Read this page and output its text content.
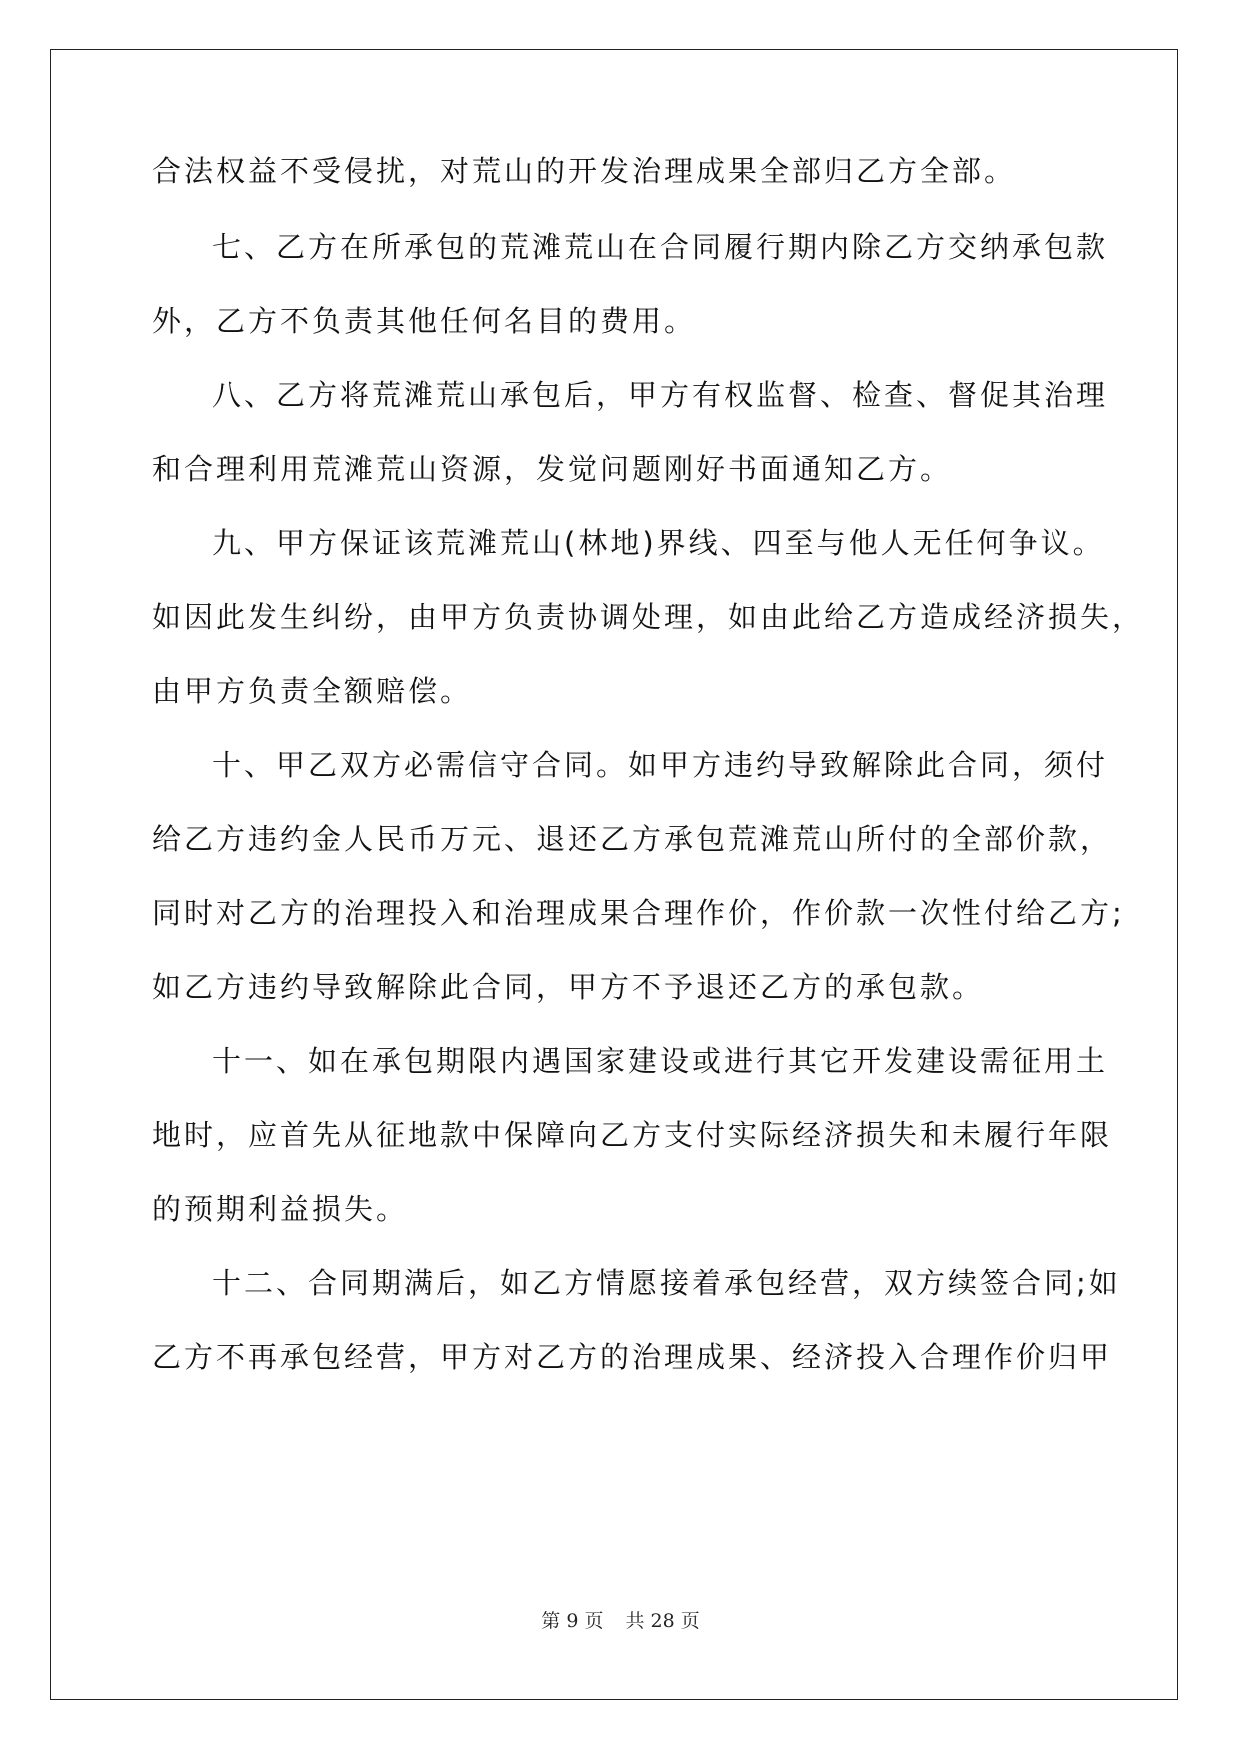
合法权益不受侵扰，对荒山的开发治理成果全部归乙方全部。
七、乙方在所承包的荒滩荒山在合同履行期内除乙方交纳承包款
外，乙方不负责其他任何名目的费用。
八、乙方将荒滩荒山承包后，甲方有权监督、检查、督促其治理
和合理利用荒滩荒山资源，发觉问题刚好书面通知乙方。
九、甲方保证该荒滩荒山(林地)界线、四至与他人无任何争议。
如因此发生纠纷，由甲方负责协调处理，如由此给乙方造成经济损失，
由甲方负责全额赔偿。
十、甲乙双方必需信守合同。如甲方违约导致解除此合同，须付
给乙方违约金人民币万元、退还乙方承包荒滩荒山所付的全部价款，
同时对乙方的治理投入和治理成果合理作价，作价款一次性付给乙方;
如乙方违约导致解除此合同，甲方不予退还乙方的承包款。
十一、如在承包期限内遇国家建设或进行其它开发建设需征用土
地时，应首先从征地款中保障向乙方支付实际经济损失和未履行年限
的预期利益损失。
十二、合同期满后，如乙方情愿接着承包经营，双方续签合同;如
乙方不再承包经营，甲方对乙方的治理成果、经济投入合理作价归甲
第 9 页 共 28 页
